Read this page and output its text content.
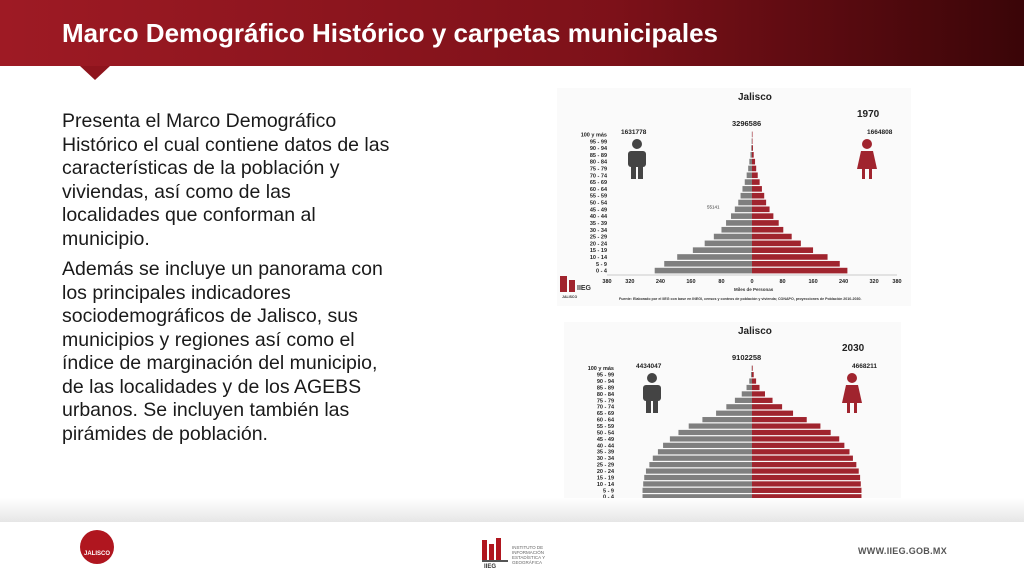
Marco Demográfico Histórico y carpetas municipales

Presenta el Marco Demográfico Histórico el cual contiene datos de las características de la población y viviendas, así como de las localidades que conforman al municipio.

Además se incluye un panorama con los principales indicadores sociodemográficos de Jalisco, sus municipios y regiones así como el índice de marginación del municipio, de las localidades y de los AGEBS urbanos. Se incluyen también las pirámides de población.

Jalisco
1970
3296586
1631778	1664808
100 y más
95 - 99
90 - 94
85 - 89
80 - 84
75 - 79
70 - 74
65 - 69
60 - 64
55 - 59
50 - 54
45 - 49
40 - 44
35 - 39
30 - 34
25 - 29
20 - 24
15 - 19
10 - 14
5 - 9
0 - 4
380 320	240	160	80	0	80	160	240	320 380
Miles de Personas
55141
Fuente: Elaborado por el IIEG con base en INEGI, censos y conteos de población y vivienda; CONAPO, proyecciones de Población 2010-2030.
IIEG
JALISCO
Jalisco
2030
9102258
4434047	4668211
100 y más
95 - 99
90 - 94
85 - 89
80 - 84
75 - 79
70 - 74
65 - 69
60 - 64
55 - 59
50 - 54
45 - 49
40 - 44
35 - 39
30 - 34
25 - 29
20 - 24
15 - 19
10 - 14
5 - 9
JALISCO
IIEG
INSTITUTO DE INFORMACIÓN ESTADÍSTICA Y GEOGRÁFICA
WWW.IIEG.GOB.MX
